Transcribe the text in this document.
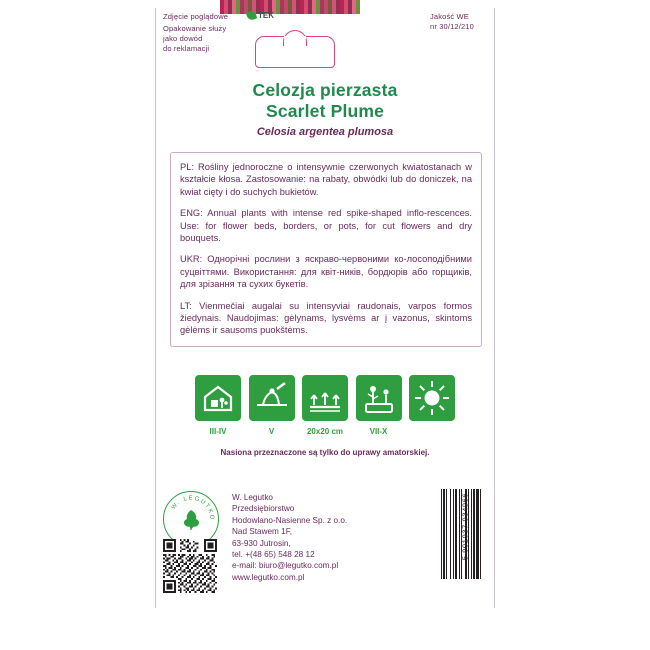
Zdjęcie poglądowe
Opakowanie służy
jako dowód
do reklamacji
TEK	Jakość WE
nr 30/12/210
Celozja pierzasta
Scarlet Plume
Celosia argentea plumosa

PL: Rośliny jednoroczne o intensywnie czerwonych kwiatostanach w kształcie kłosa. Zastosowanie: na rabaty, obwódki lub do doniczek, na kwiat cięty i do suchych bukietów.

ENG: Annual plants with intense red spike-shaped inflo-rescences. Use: for flower beds, borders, or pots, for cut flowers and dry bouquets.

UKR: Однорічні рослини з яскраво-червоними ко-лосоподібними суцвіттями. Використання: для квіт-ників, бордюрів або горщиків, для зрізання та сухих букетів.

LT: Vienmečiai augalai su intensyviai raudonais, varpos formos žiedynais. Naudojimas: gėlynams, lysvėms ar į vazonus, skintoms gėlėms ir sausoms puokštėms.

III-IV	V	20x20 cm	VII-X
Nasiona przeznaczone są tylko do uprawy amatorskiej.
W. LEGUTKO
W. Legutko
Przedsiębiorstwo
Hodowlano-Nasienne Sp. z o.o.
Nad Stawem 1F,
63-930 Jutrosin,
tel. +(48 65) 548 28 12
e-mail: biuro@legutko.com.pl
www.legutko.com.pl
5 901937 934966
